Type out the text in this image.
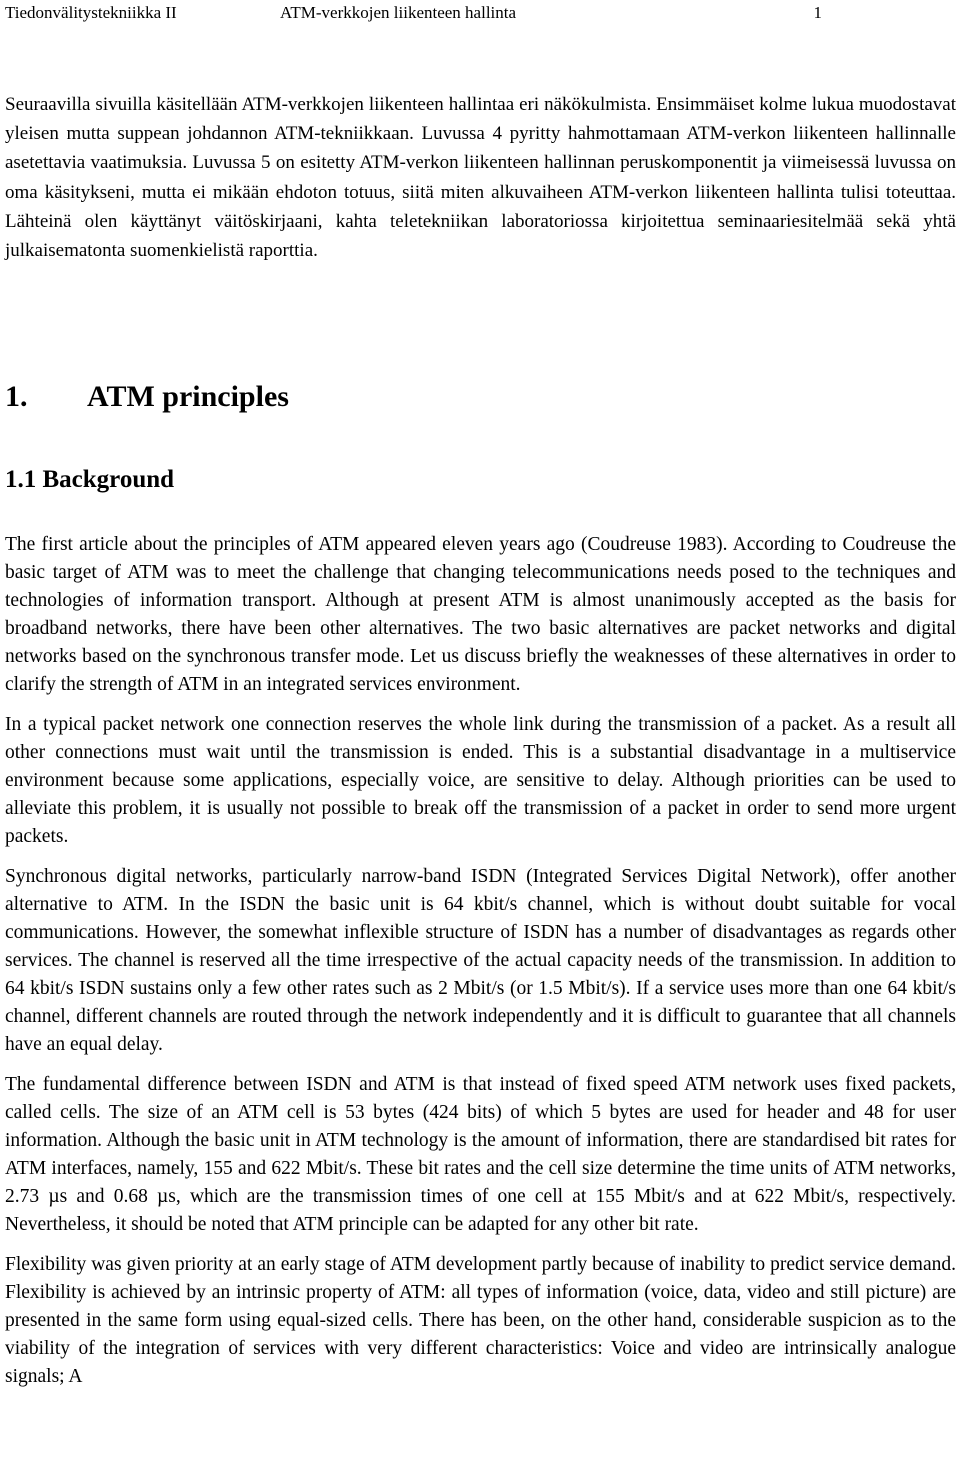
Tiedonvälitystekniikka II	ATM-verkkojen liikenteen hallinta	1

Seuraavilla sivuilla käsitellään ATM-verkkojen liikenteen hallintaa eri näkökulmista. Ensimmäiset kolme lukua muodostavat yleisen mutta suppean johdannon ATM-tekniikkaan. Luvussa 4 pyritty hahmottamaan ATM-verkon liikenteen hallinnalle asetettavia vaatimuksia. Luvussa 5 on esitetty ATM-verkon liikenteen hallinnan peruskomponentit ja viimeisessä luvussa on oma käsitykseni, mutta ei mikään ehdoton totuus, siitä miten alkuvaiheen ATM-verkon liikenteen hallinta tulisi toteuttaa. Lähteinä olen käyttänyt väitöskirjaani, kahta teletekniikan laboratoriossa kirjoitettua seminaariesitelmää sekä yhtä julkaisematonta suomenkielistä raporttia.

1. ATM principles
1.1 Background

The first article about the principles of ATM appeared eleven years ago (Coudreuse 1983). According to Coudreuse the basic target of ATM was to meet the challenge that changing telecommunications needs posed to the techniques and technologies of information transport. Although at present ATM is almost unanimously accepted as the basis for broadband networks, there have been other alternatives. The two basic alternatives are packet networks and digital networks based on the synchronous transfer mode. Let us discuss briefly the weaknesses of these alternatives in order to clarify the strength of ATM in an integrated services environment.

In a typical packet network one connection reserves the whole link during the transmission of a packet. As a result all other connections must wait until the transmission is ended. This is a substantial disadvantage in a multiservice environment because some applications, especially voice, are sensitive to delay. Although priorities can be used to alleviate this problem, it is usually not possible to break off the transmission of a packet in order to send more urgent packets.

Synchronous digital networks, particularly narrow-band ISDN (Integrated Services Digital Network), offer another alternative to ATM. In the ISDN the basic unit is 64 kbit/s channel, which is without doubt suitable for vocal communications. However, the somewhat inflexible structure of ISDN has a number of disadvantages as regards other services. The channel is reserved all the time irrespective of the actual capacity needs of the transmission. In addition to 64 kbit/s ISDN sustains only a few other rates such as 2 Mbit/s (or 1.5 Mbit/s). If a service uses more than one 64 kbit/s channel, different channels are routed through the network independently and it is difficult to guarantee that all channels have an equal delay.

The fundamental difference between ISDN and ATM is that instead of fixed speed ATM network uses fixed packets, called cells. The size of an ATM cell is 53 bytes (424 bits) of which 5 bytes are used for header and 48 for user information. Although the basic unit in ATM technology is the amount of information, there are standardised bit rates for ATM interfaces, namely, 155 and 622 Mbit/s. These bit rates and the cell size determine the time units of ATM networks, 2.73 µs and 0.68 µs, which are the transmission times of one cell at 155 Mbit/s and at 622 Mbit/s, respectively. Nevertheless, it should be noted that ATM principle can be adapted for any other bit rate.

Flexibility was given priority at an early stage of ATM development partly because of inability to predict service demand. Flexibility is achieved by an intrinsic property of ATM: all types of information (voice, data, video and still picture) are presented in the same form using equal-sized cells. There has been, on the other hand, considerable suspicion as to the viability of the integration of services with very different characteristics: Voice and video are intrinsically analogue signals; A
